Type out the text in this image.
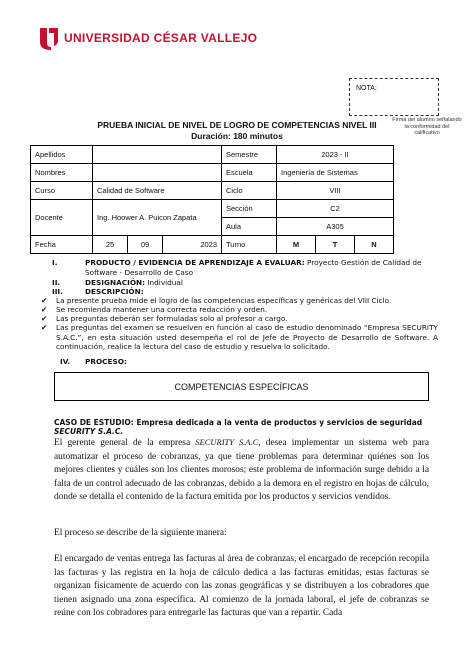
UNIVERSIDAD CÉSAR VALLEJO
NOTA:
Firma del alumno señalando la conformidad del calificativo
PRUEBA INICIAL DE NIVEL DE LOGRO DE COMPETENCIAS NIVEL III
Duración: 180 minutos
Apellidos				Semestre	2023 - II		
Nombres				Escuela	Ingeniería de Sistemas		
Curso	Calidad de Software			Ciclo	VIII		
Docente	Ing. Hoower A. Puicon Zapata			Sección	C2		
				Aula	A305		
Fecha	25	09	2023	Turno	M	T	N
I.	PRODUCTO / EVIDENCIA DE APRENDIZAJE A EVALUAR: Proyecto Gestión de Calidad de
Software - Desarrollo de Caso
II.	DESIGNACIÓN: Individual
III.	DESCRIPCIÓN:
✔ La presente prueba mide el logro de las competencias específicas y genéricas del VIII Ciclo.
✔ Se recomienda mantener una correcta redacción y orden.
✔ Las preguntas deberán ser formuladas solo al profesor a cargo.
✔ Las preguntas del examen se resuelven en función al caso de estudio denominado “Empresa SECURITY S.A.C.”, en esta situación usted desempeña el rol de Jefe de Proyecto de Desarrollo de Software. A continuación, realice la lectura del caso de estudio y resuelva lo solicitado.
IV. PROCESO:
COMPETENCIAS ESPECÍFICAS
CASO DE ESTUDIO: Empresa dedicada a la venta de productos y servicios de seguridad SECURITY S.A.C.
El gerente general de la empresa SECURITY S.A.C, desea implementar un sistema web para automatizar el proceso de cobranzas, ya que tiene problemas para determinar quiénes son los mejores clientes y cuáles son los clientes morosos; este problema de información surge debido a la falta de un control adecuado de las cobranzas, debido a la demora en el registro en hojas de cálculo, donde se detalla el contenido de la factura emitida por los productos y servicios vendidos.
El proceso se describe de la siguiente manera:
El encargado de ventas entrega las facturas al área de cobranzas, el encargado de recepción recopila las facturas y las registra en la hoja de cálculo dedica a las facturas emitidas, estas facturas se organizan físicamente de acuerdo con las zonas geográficas y se distribuyen a los cobradores que tienen asignado una zona específica. Al comienzo de la jornada laboral, el jefe de cobranzas se reúne con los cobradores para entregarle las facturas que van a repartir. Cada
